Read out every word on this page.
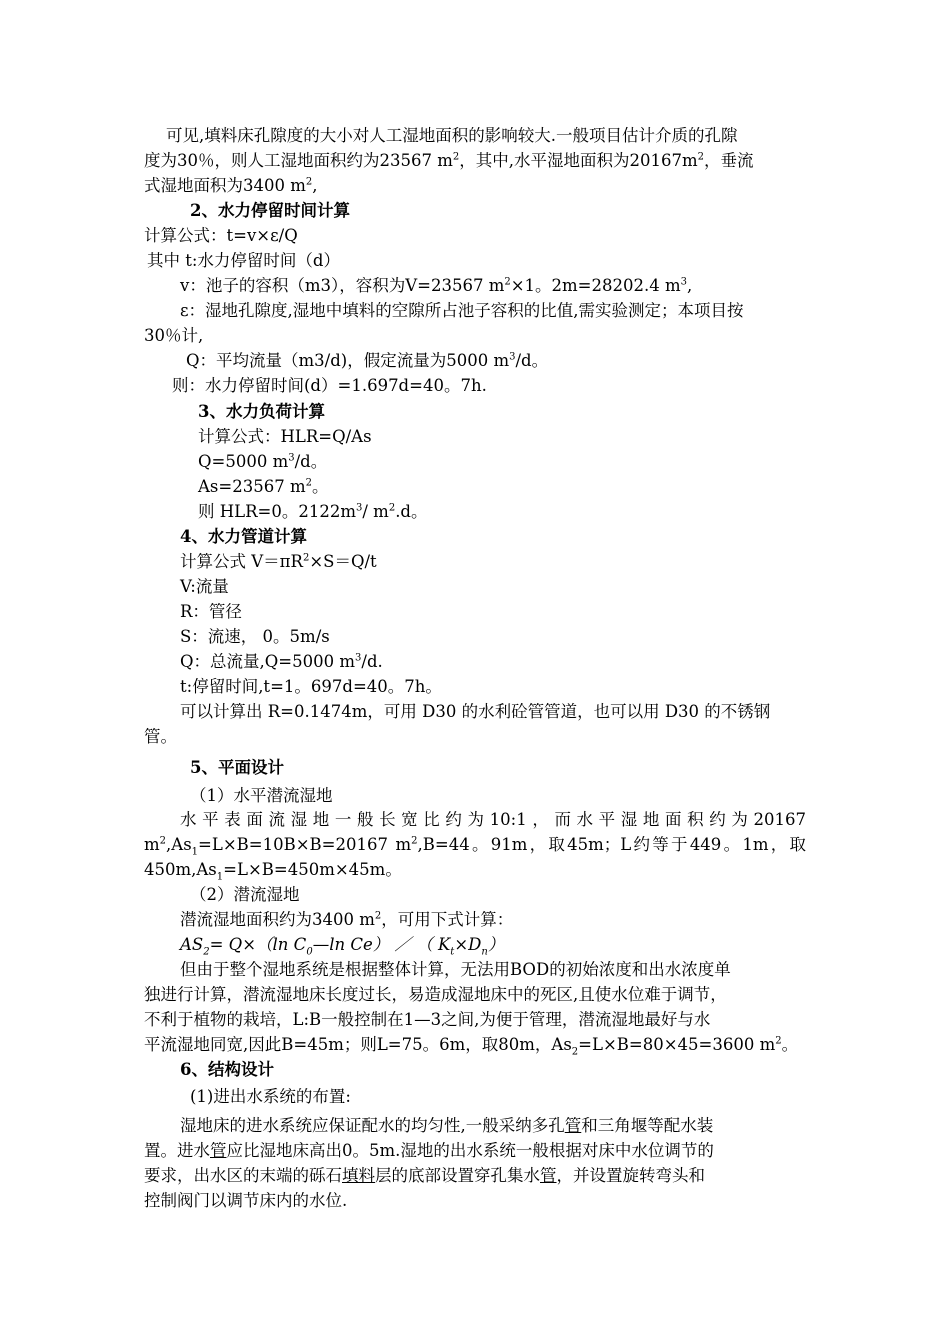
可见,填料床孔隙度的大小对人工湿地面积的影响较大.一般项目估计介质的孔隙
度为30％，则人工湿地面积约为23567 $m^2$，其中,水平湿地面积为$20167m^2$，垂流
式湿地面积为3400 $m^2$,
2、水力停留时间计算
计算公式：t=v×ε/Q
其中 t:水力停留时间（d）
v：池子的容积（m3），容积为V=23567 $m^2\times 1$。2m=28202.4 $m^3$,
ε：湿地孔隙度,湿地中填料的空隙所占池子容积的比值,需实验测定；本项目按
30％计,
Q：平均流量（m3/d)，假定流量为5000 $m^3/d$。
则：水力停留时间(d）=1.697d=40。7h.
3、水力负荷计算
计算公式：HLR=Q/As
Q=5000 $m^3/d$。
As=23567 $m^2$。
则 HLR=0。$2122m^3/$ $m^2.d$。
4、水力管道计算
计算公式 $V=\pi R^2\times S=Q/t$
V:流量
R：管径
S：流速， 0。5m/s
Q：总流量,Q=5000 $m^3/d$.
t:停留时间,t=1。697d=40。7h。
可以计算出 R=0.1474m，可用 D30 的水利砼管管道，也可以用 D30 的不锈钢
管。
5、平面设计
（1）水平潜流湿地
水平表面流湿地一般长宽比约为10:1，而水平湿地面积约为20167
$m^2,As_1=L\times B=10B\times B=20167$ $m^2,B=44$。91m，取45m；L约等于449。1m，取
$450m,As_1=L\times B=450m\times 45m$。
（2）潜流湿地
潜流湿地面积约为3400 $m^2$，可用下式计算：
$AS_2= Q\times(\ln$ $C_0—\ln$ Ce） ／ （ $K_t\times D_n$）
但由于整个湿地系统是根据整体计算，无法用BOD的初始浓度和出水浓度单
独进行计算，潜流湿地床长度过长，易造成湿地床中的死区,且使水位难于调节，
不利于植物的栽培，L:B一般控制在1—3之间,为便于管理，潜流湿地最好与水
平流湿地同宽,因此B=45m；则L=75。6m，取80m，$As_2=L\times B=80\times 45=3600$ $m^2$。
6、结构设计
(1)进出水系统的布置:
湿地床的进水系统应保证配水的均匀性,一般采纳多孔管和三角堰等配水装
置。进水管应比湿地床高出0。5m.湿地的出水系统一般根据对床中水位调节的
要求，出水区的末端的砾石填料层的底部设置穿孔集水管，并设置旋转弯头和
控制阀门以调节床内的水位.
